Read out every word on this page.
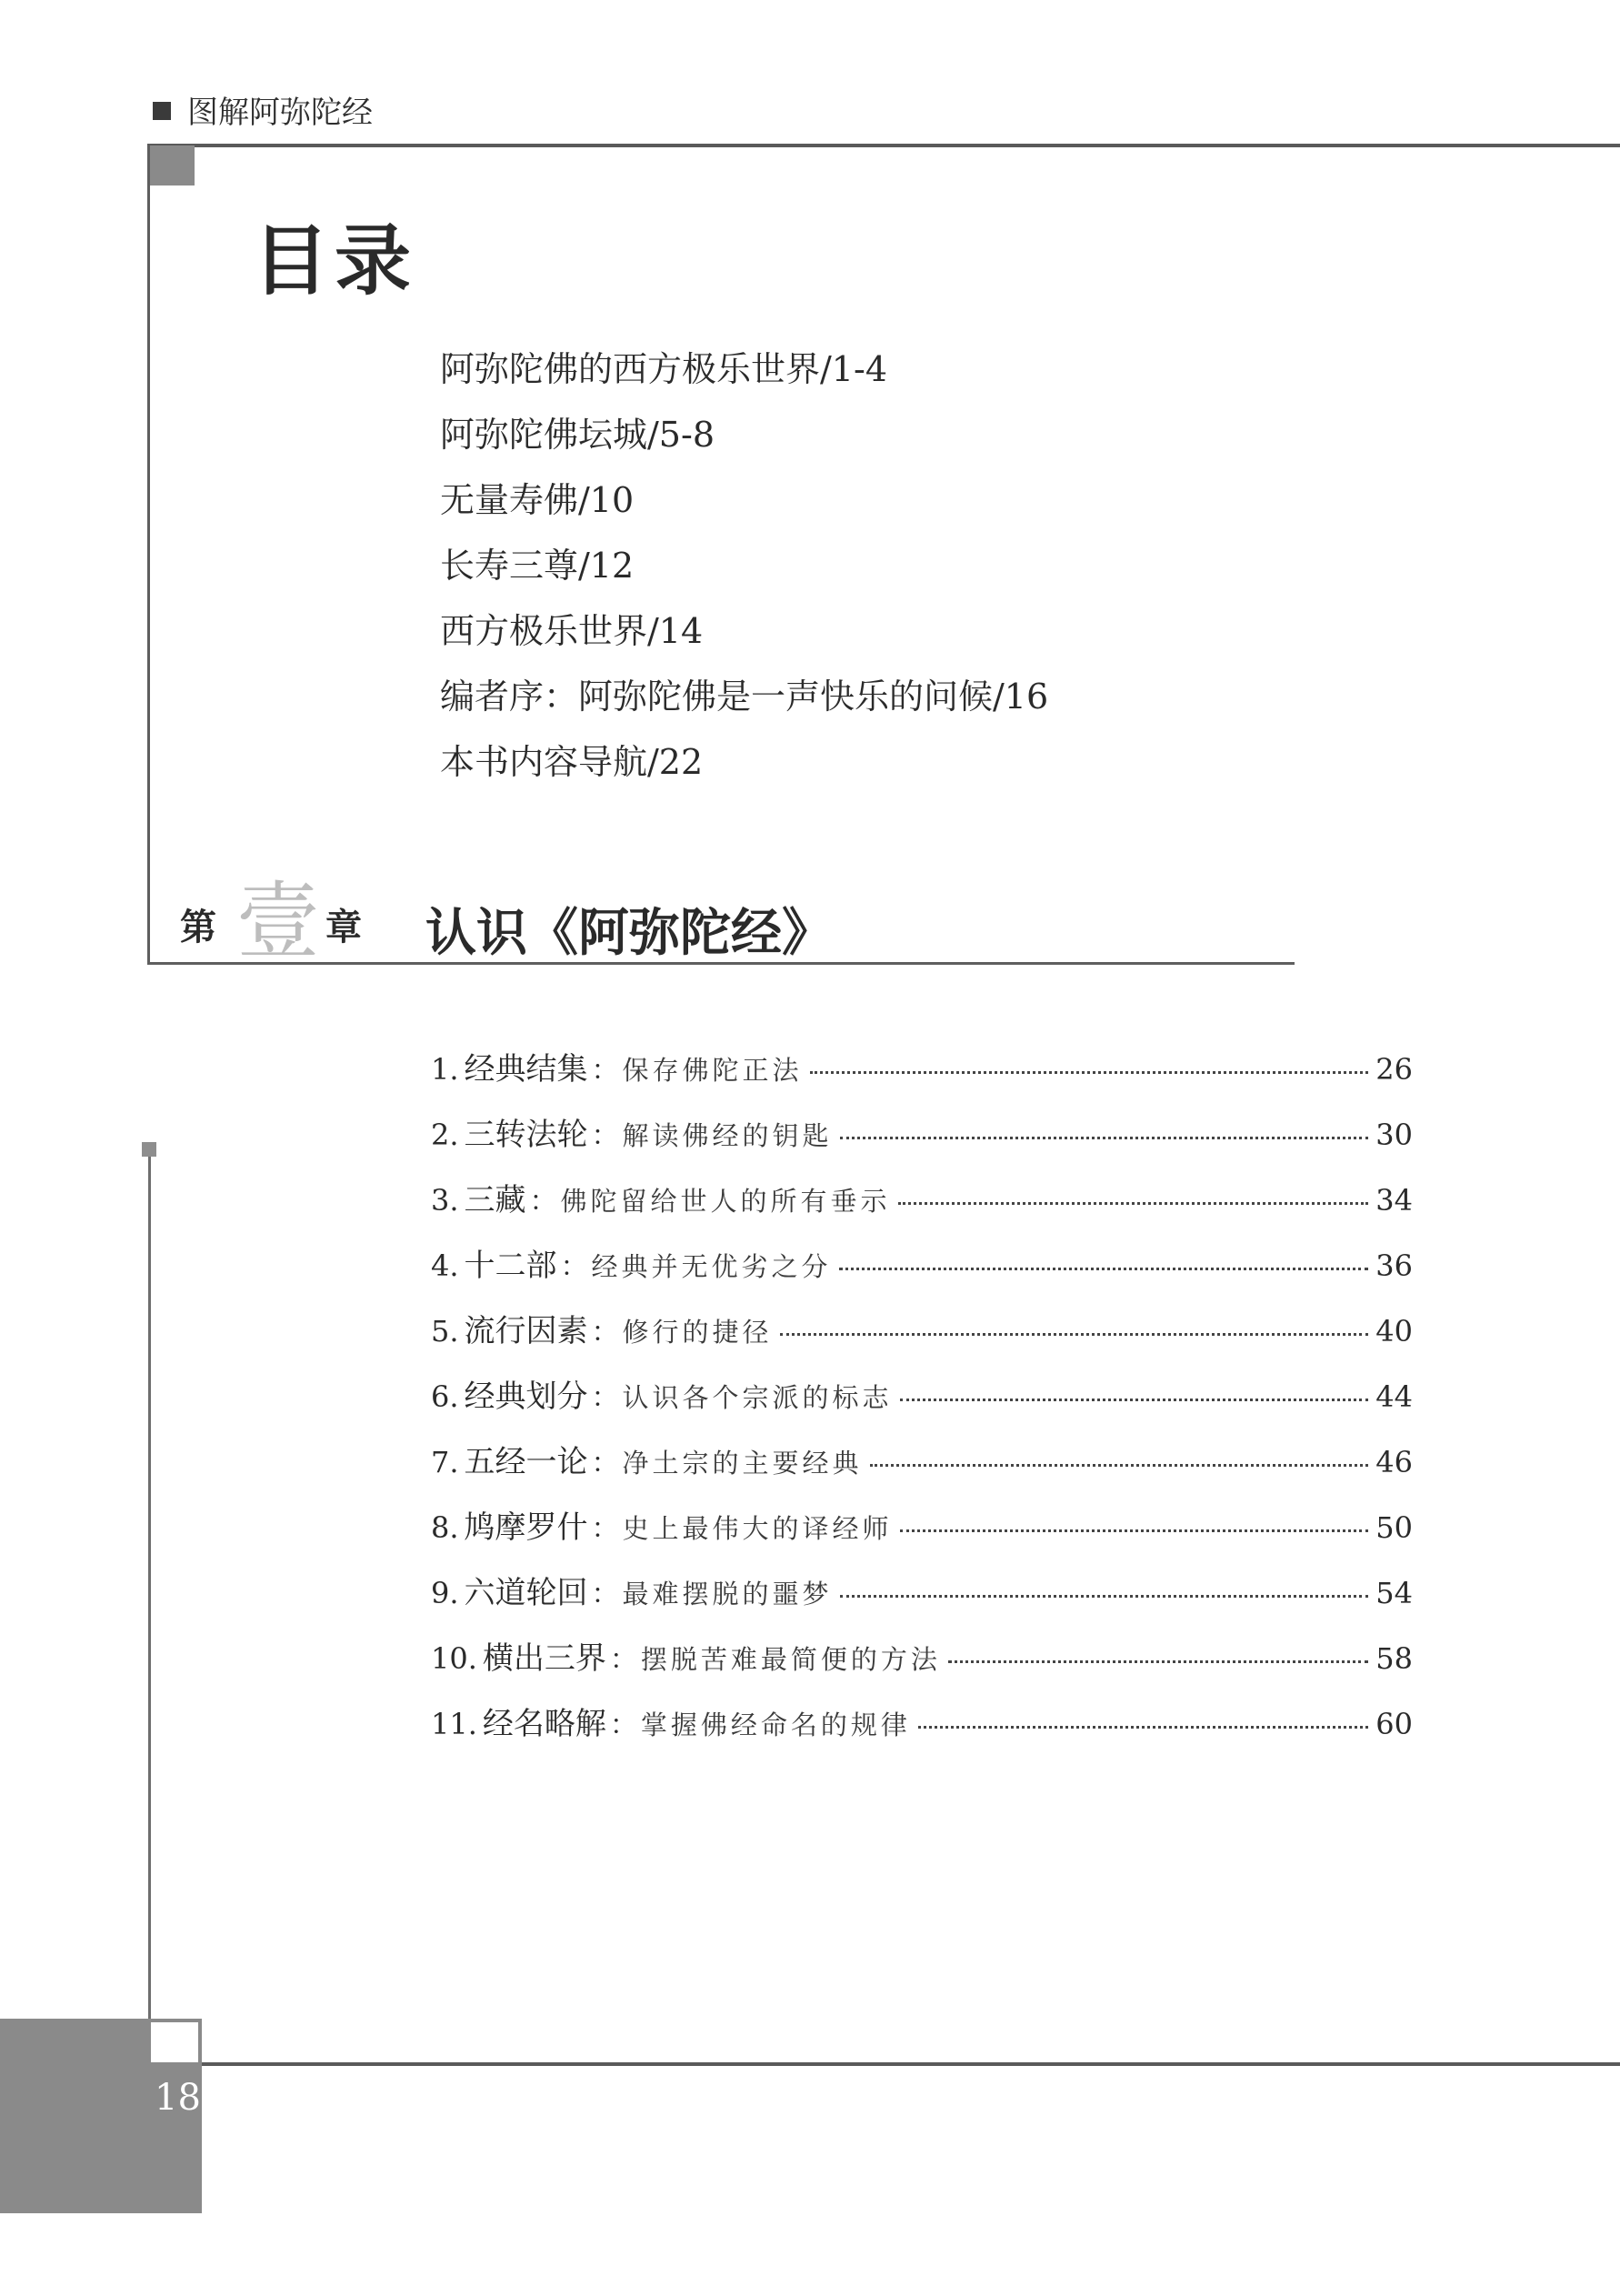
图解阿弥陀经
18
目录
阿弥陀佛的西方极乐世界/1-4
阿弥陀佛坛城/5-8
无量寿佛/10
长寿三尊/12
西方极乐世界/14
编者序：阿弥陀佛是一声快乐的问候/16
本书内容导航/22
第 壹 章 认识《阿弥陀经》
1. 经典结集 ： 保存佛陀正法	26
2. 三转法轮 ： 解读佛经的钥匙	30
3. 三藏 ： 佛陀留给世人的所有垂示	34
4. 十二部 ： 经典并无优劣之分	36
5. 流行因素 ： 修行的捷径	40
6. 经典划分 ： 认识各个宗派的标志	44
7. 五经一论 ： 净土宗的主要经典	46
8. 鸠摩罗什 ： 史上最伟大的译经师	50
9. 六道轮回 ： 最难摆脱的噩梦	54
10. 横出三界 ： 摆脱苦难最简便的方法	58
11. 经名略解 ： 掌握佛经命名的规律	60
